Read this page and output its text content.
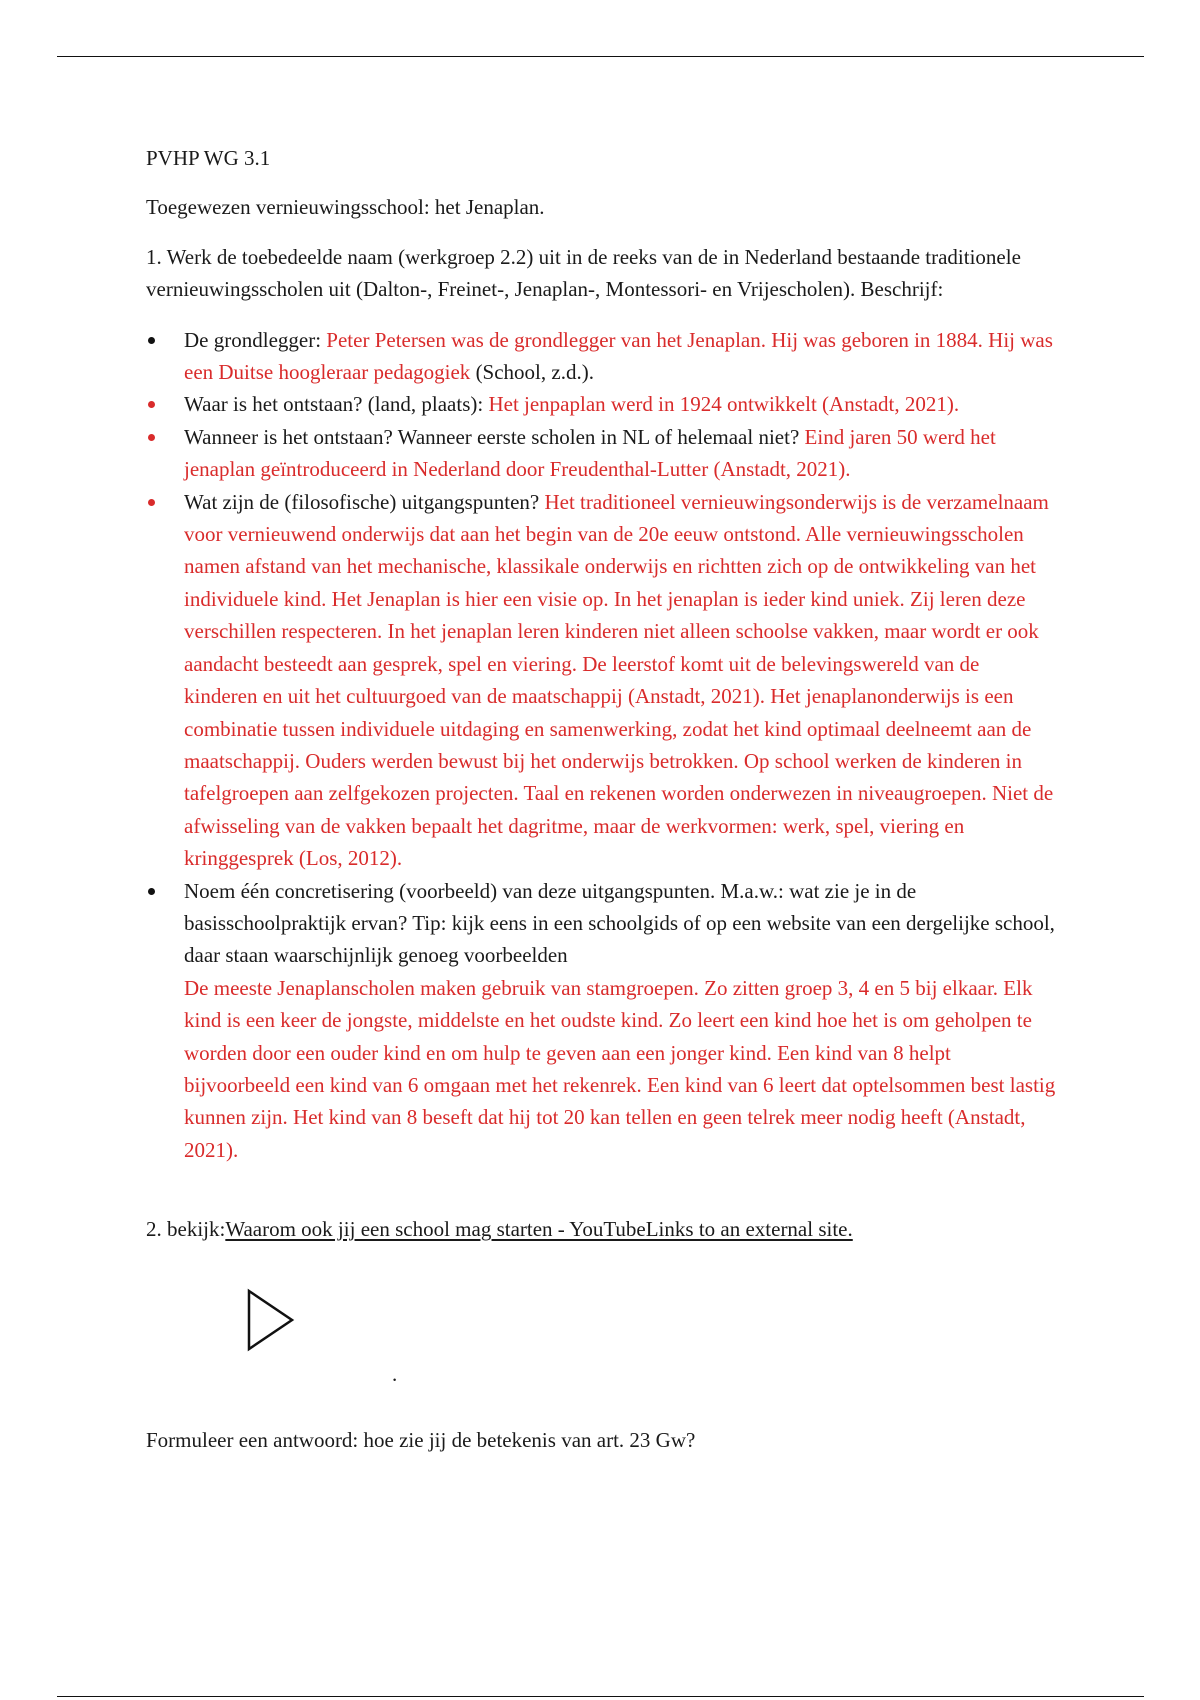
PVHP WG 3.1

Toegewezen vernieuwingsschool: het Jenaplan.

1. Werk de toebedeelde naam (werkgroep 2.2) uit in de reeks van de in Nederland bestaande traditionele vernieuwingsscholen uit (Dalton-, Freinet-, Jenaplan-, Montessori- en Vrijescholen). Beschrijf:

De grondlegger: Peter Petersen was de grondlegger van het Jenaplan. Hij was geboren in 1884. Hij was een Duitse hoogleraar pedagogiek (School, z.d.).
Waar is het ontstaan? (land, plaats): Het jenpaplan werd in 1924 ontwikkelt (Anstadt, 2021).
Wanneer is het ontstaan? Wanneer eerste scholen in NL of helemaal niet? Eind jaren 50 werd het jenaplan geïntroduceerd in Nederland door Freudenthal-Lutter (Anstadt, 2021).
Wat zijn de (filosofische) uitgangspunten? Het traditioneel vernieuwingsonderwijs is de verzamelnaam voor vernieuwend onderwijs dat aan het begin van de 20e eeuw ontstond. Alle vernieuwingsscholen namen afstand van het mechanische, klassikale onderwijs en richtten zich op de ontwikkeling van het individuele kind. Het Jenaplan is hier een visie op. In het jenaplan is ieder kind uniek. Zij leren deze verschillen respecteren. In het jenaplan leren kinderen niet alleen schoolse vakken, maar wordt er ook aandacht besteedt aan gesprek, spel en viering. De leerstof komt uit de belevingswereld van de kinderen en uit het cultuurgoed van de maatschappij (Anstadt, 2021). Het jenaplanonderwijs is een combinatie tussen individuele uitdaging en samenwerking, zodat het kind optimaal deelneemt aan de maatschappij. Ouders werden bewust bij het onderwijs betrokken. Op school werken de kinderen in tafelgroepen aan zelfgekozen projecten. Taal en rekenen worden onderwezen in niveaugroepen. Niet de afwisseling van de vakken bepaalt het dagritme, maar de werkvormen: werk, spel, viering en kringgesprek (Los, 2012).
Noem één concretisering (voorbeeld) van deze uitgangspunten. M.a.w.: wat zie je in de basisschoolpraktijk ervan? Tip: kijk eens in een schoolgids of op een website van een dergelijke school, daar staan waarschijnlijk genoeg voorbeelden
De meeste Jenaplanscholen maken gebruik van stamgroepen. Zo zitten groep 3, 4 en 5 bij elkaar. Elk kind is een keer de jongste, middelste en het oudste kind. Zo leert een kind hoe het is om geholpen te worden door een ouder kind en om hulp te geven aan een jonger kind. Een kind van 8 helpt bijvoorbeeld een kind van 6 omgaan met het rekenrek. Een kind van 6 leert dat optelsommen best lastig kunnen zijn. Het kind van 8 beseft dat hij tot 20 kan tellen en geen telrek meer nodig heeft (Anstadt, 2021).

2. bekijk:Waarom ook jij een school mag starten - YouTubeLinks to an external site.

.

Formuleer een antwoord: hoe zie jij de betekenis van art. 23 Gw?
